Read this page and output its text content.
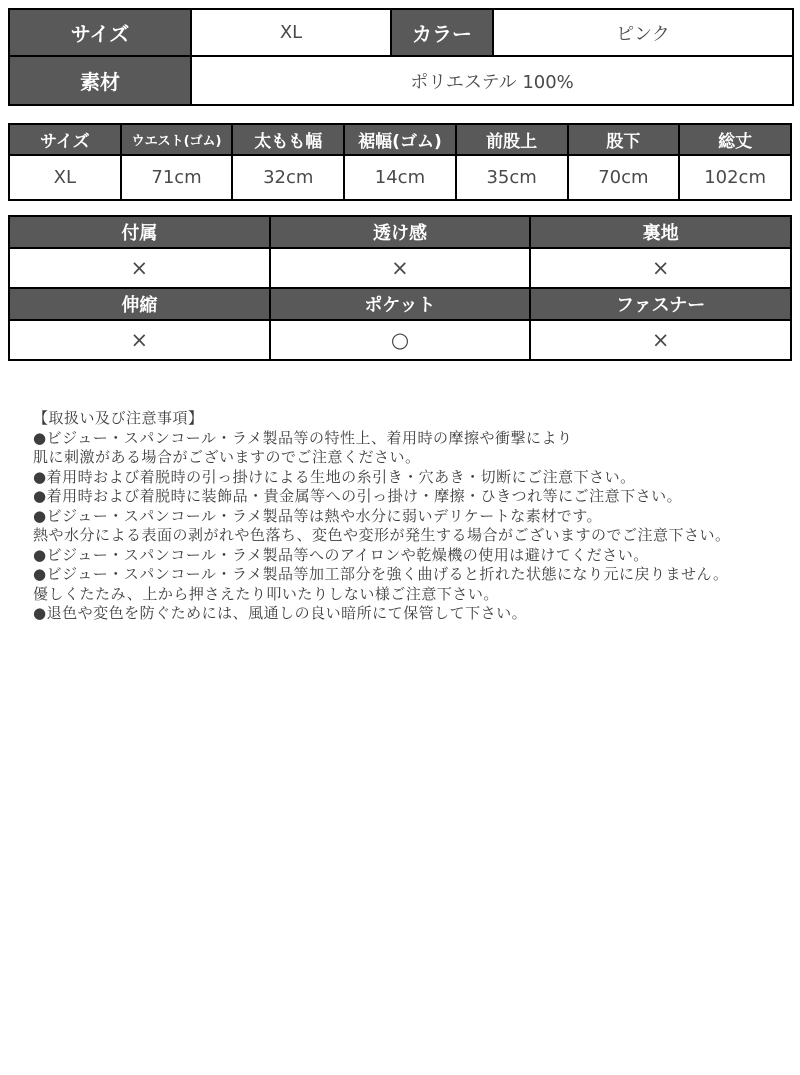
サイズ	XL	カラー	ピンク
素材	ポリエステル 100%		
サイズ	ウエスト(ゴム)	太もも幅	裾幅(ゴム)	前股上	股下	総丈
XL	71cm	32cm	14cm	35cm	70cm	102cm
付属	透け感	裏地
×	×	×
伸縮	ポケット	ファスナー
×	○	×
【取扱い及び注意事項】
●ビジュー・スパンコール・ラメ製品等の特性上、着用時の摩擦や衝撃により
肌に刺激がある場合がございますのでご注意ください。
●着用時および着脱時の引っ掛けによる生地の糸引き・穴あき・切断にご注意下さい。
●着用時および着脱時に装飾品・貴金属等への引っ掛け・摩擦・ひきつれ等にご注意下さい。
●ビジュー・スパンコール・ラメ製品等は熱や水分に弱いデリケートな素材です。
熱や水分による表面の剥がれや色落ち、変色や変形が発生する場合がございますのでご注意下さい。
●ビジュー・スパンコール・ラメ製品等へのアイロンや乾燥機の使用は避けてください。
●ビジュー・スパンコール・ラメ製品等加工部分を強く曲げると折れた状態になり元に戻りません。
優しくたたみ、上から押さえたり叩いたりしない様ご注意下さい。
●退色や変色を防ぐためには、風通しの良い暗所にて保管して下さい。
